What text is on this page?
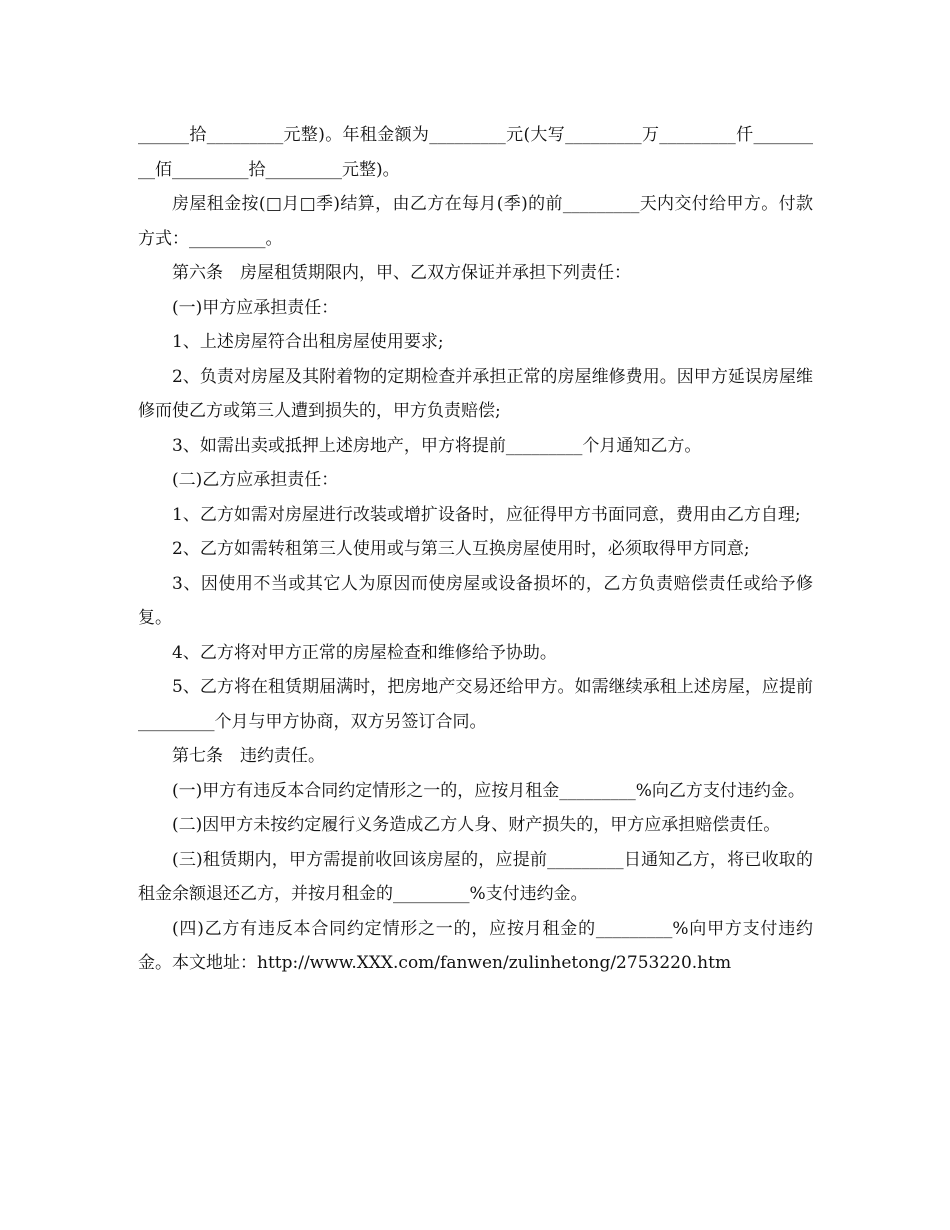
______拾_________元整)。年租金额为_________元(大写_________万_________仟_________佰_________拾_________元整)。

房屋租金按(□月□季)结算，由乙方在每月(季)的前_________天内交付给甲方。付款方式：_________。

第六条　房屋租赁期限内，甲、乙双方保证并承担下列责任：

(一)甲方应承担责任：

1、上述房屋符合出租房屋使用要求;

2、负责对房屋及其附着物的定期检查并承担正常的房屋维修费用。因甲方延误房屋维修而使乙方或第三人遭到损失的，甲方负责赔偿;

3、如需出卖或抵押上述房地产，甲方将提前_________个月通知乙方。

(二)乙方应承担责任：

1、乙方如需对房屋进行改装或增扩设备时，应征得甲方书面同意，费用由乙方自理;

2、乙方如需转租第三人使用或与第三人互换房屋使用时，必须取得甲方同意;

3、因使用不当或其它人为原因而使房屋或设备损坏的，乙方负责赔偿责任或给予修复。

4、乙方将对甲方正常的房屋检查和维修给予协助。

5、乙方将在租赁期届满时，把房地产交易还给甲方。如需继续承租上述房屋，应提前_________个月与甲方协商，双方另签订合同。

第七条　违约责任。

(一)甲方有违反本合同约定情形之一的，应按月租金_________%向乙方支付违约金。

(二)因甲方未按约定履行义务造成乙方人身、财产损失的，甲方应承担赔偿责任。

(三)租赁期内，甲方需提前收回该房屋的，应提前_________日通知乙方，将已收取的租金余额退还乙方，并按月租金的_________%支付违约金。

(四)乙方有违反本合同约定情形之一的，应按月租金的_________%向甲方支付违约金。本文地址：http://www.XXX.com/fanwen/zulinhetong/2753220.htm
